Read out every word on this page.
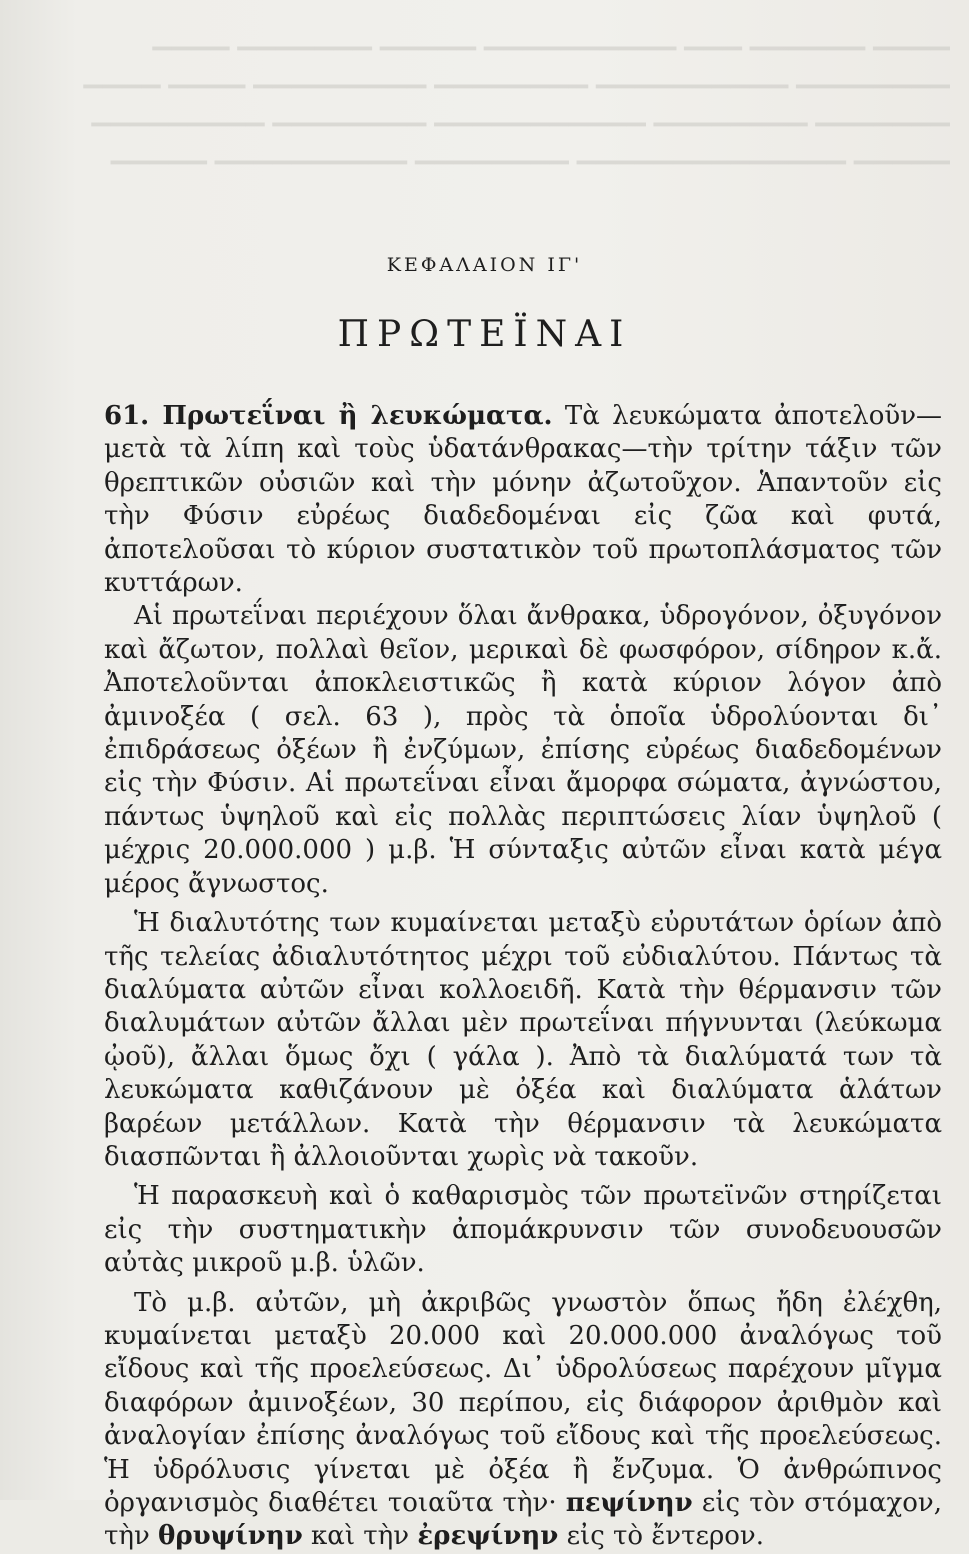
▁▁▁▁ ▁▁▁▁▁▁ ▁▁▁ ▁▁▁▁▁▁▁▁▁▁ ▁▁▁▁▁ ▁▁▁▁▁▁▁ ▁▁▁▁

▁▁▁▁▁▁▁▁ ▁▁▁▁▁▁▁▁▁▁ ▁▁▁▁▁▁▁▁ ▁▁▁▁▁▁▁▁▁ ▁▁▁▁ ▁▁▁▁

▁▁▁▁▁▁▁ ▁▁▁▁▁▁▁▁ ▁▁▁▁▁▁▁▁▁▁▁ ▁▁▁▁▁▁▁▁ ▁▁▁▁▁▁▁▁▁

▁▁▁▁▁ ▁▁▁▁▁▁▁▁▁▁▁▁▁▁ ▁▁▁▁▁▁▁▁ ▁▁▁▁▁▁▁▁▁▁ ▁▁▁▁▁

ΚΕΦΑΛΑΙΟΝ ΙΓ'
ΠΡΩΤΕΪΝΑΙ

61. Πρωτεΐναι ἢ λευκώματα. Τὰ λευκώματα ἀποτελοῦν—μετὰ τὰ λίπη καὶ τοὺς ὑδατάνθρακας—τὴν τρίτην τάξιν τῶν θρεπτικῶν οὐσιῶν καὶ τὴν μόνην ἀζωτοῦχον. Ἁπαντοῦν εἰς τὴν Φύσιν εὐρέως διαδεδομέναι εἰς ζῶα καὶ φυτά, ἀποτελοῦσαι τὸ κύριον συστατικὸν τοῦ πρωτοπλάσματος τῶν κυττάρων.

Αἱ πρωτεΐναι περιέχουν ὅλαι ἄνθρακα, ὑδρογόνον, ὀξυγόνον καὶ ἄζωτον, πολλαὶ θεῖον, μερικαὶ δὲ φωσφόρον, σίδηρον κ.ἄ. Ἀποτελοῦνται ἀποκλειστικῶς ἢ κατὰ κύριον λόγον ἀπὸ ἀμινοξέα ( σελ. 63 ), πρὸς τὰ ὁποῖα ὑδρολύονται δι᾽ ἐπιδράσεως ὀξέων ἢ ἐνζύμων, ἐπίσης εὐρέως διαδεδομένων εἰς τὴν Φύσιν. Αἱ πρωτεΐναι εἶναι ἄμορφα σώματα, ἀγνώστου, πάντως ὑψηλοῦ καὶ εἰς πολλὰς περιπτώσεις λίαν ὑψηλοῦ ( μέχρις 20.000.000 ) μ.β. Ἡ σύνταξις αὐτῶν εἶναι κατὰ μέγα μέρος ἄγνωστος.

Ἡ διαλυτότης των κυμαίνεται μεταξὺ εὐρυτάτων ὁρίων ἀπὸ τῆς τελείας ἀδιαλυτότητος μέχρι τοῦ εὐδιαλύτου. Πάντως τὰ διαλύματα αὐτῶν εἶναι κολλοειδῆ. Κατὰ τὴν θέρμανσιν τῶν διαλυμάτων αὐτῶν ἄλλαι μὲν πρωτεΐναι πήγνυνται (λεύκωμα ᾠοῦ), ἄλλαι ὅμως ὄχι ( γάλα ). Ἀπὸ τὰ διαλύματά των τὰ λευκώματα καθιζάνουν μὲ ὀξέα καὶ διαλύματα ἁλάτων βαρέων μετάλλων. Κατὰ τὴν θέρμανσιν τὰ λευκώματα διασπῶνται ἢ ἀλλοιοῦνται χωρὶς νὰ τακοῦν.

Ἡ παρασκευὴ καὶ ὁ καθαρισμὸς τῶν πρωτεϊνῶν στηρίζεται εἰς τὴν συστηματικὴν ἀπομάκρυνσιν τῶν συνοδευουσῶν αὐτὰς μικροῦ μ.β. ὑλῶν.

Τὸ μ.β. αὐτῶν, μὴ ἀκριβῶς γνωστὸν ὅπως ἤδη ἐλέχθη, κυμαίνεται μεταξὺ 20.000 καὶ 20.000.000 ἀναλόγως τοῦ εἴδους καὶ τῆς προελεύσεως. Δι᾽ ὑδρολύσεως παρέχουν μῖγμα διαφόρων ἀμινοξέων, 30 περίπου, εἰς διάφορον ἀριθμὸν καὶ ἀναλογίαν ἐπίσης ἀναλόγως τοῦ εἴδους καὶ τῆς προελεύσεως. Ἡ ὑδρόλυσις γίνεται μὲ ὀξέα ἢ ἔνζυμα. Ὁ ἀνθρώπινος ὀργανισμὸς διαθέτει τοιαῦτα τὴν· πεψίνην εἰς τὸν στόμαχον, τὴν θρυψίνην καὶ τὴν ἐρεψίνην εἰς τὸ ἔντερον.
